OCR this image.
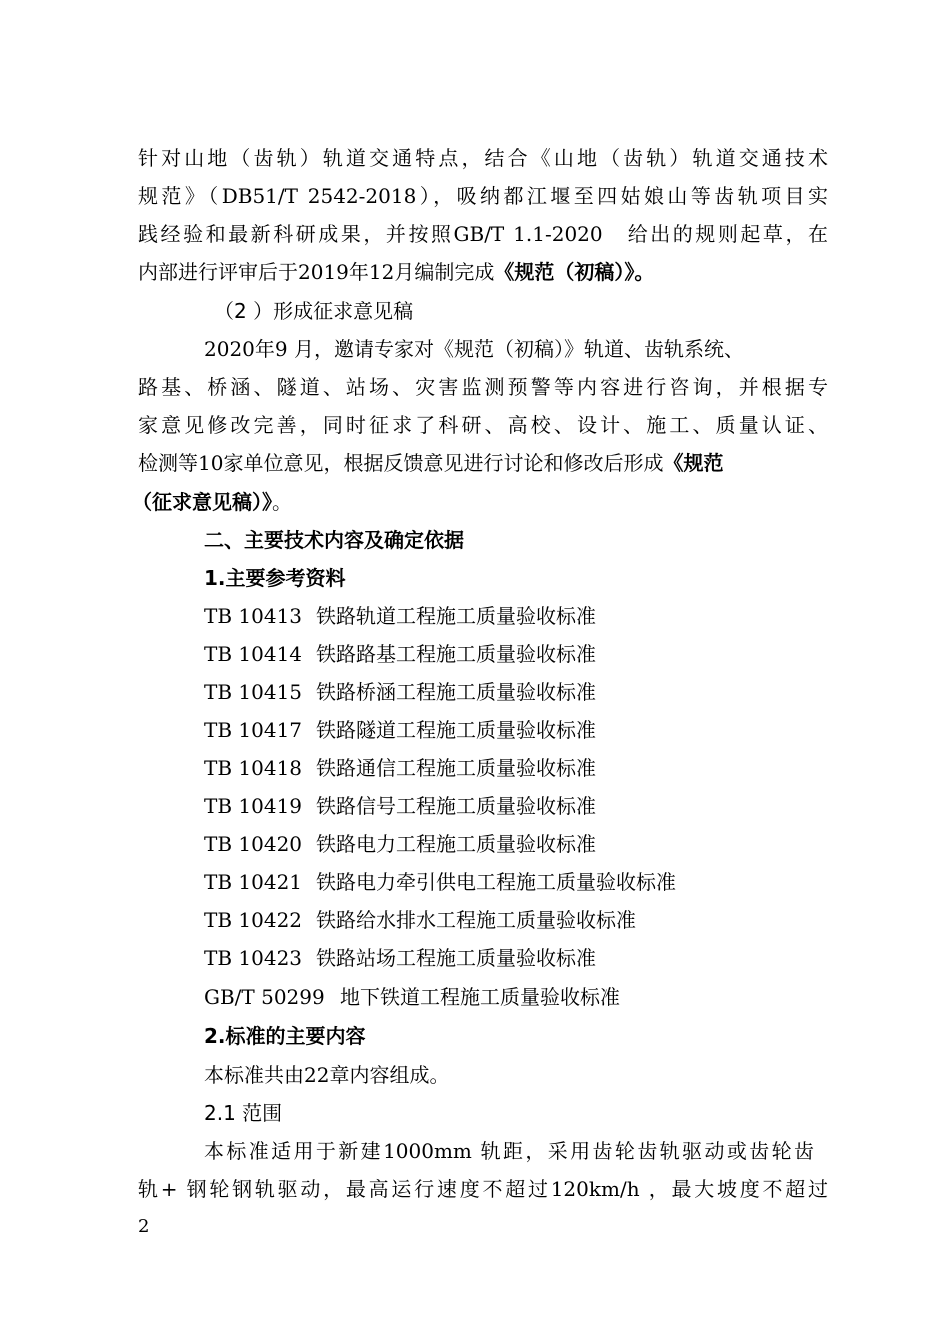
针对山地（齿轨）轨道交通特点，结合《山地（齿轨）轨道交通技术
规范》（DB51/T 2542-2018），吸纳都江堰至四姑娘山等齿轨项目实
践经验和最新科研成果，并按照GB/T 1.1-2020　给出的规则起草，在
内部进行评审后于2019年12月编制完成《规范（初稿）》。
（2 ）形成征求意见稿
2020年9 月，邀请专家对《规范（初稿）》轨道、齿轨系统、
路基、桥涵、隧道、站场、灾害监测预警等内容进行咨询，并根据专
家意见修改完善，同时征求了科研、高校、设计、施工、质量认证、
检测等10家单位意见，根据反馈意见进行讨论和修改后形成《规范
（征求意见稿）》。
二、主要技术内容及确定依据
1.主要参考资料
TB 10413 铁路轨道工程施工质量验收标准
TB 10414 铁路路基工程施工质量验收标准
TB 10415 铁路桥涵工程施工质量验收标准
TB 10417 铁路隧道工程施工质量验收标准
TB 10418 铁路通信工程施工质量验收标准
TB 10419 铁路信号工程施工质量验收标准
TB 10420 铁路电力工程施工质量验收标准
TB 10421 铁路电力牵引供电工程施工质量验收标准
TB 10422 铁路给水排水工程施工质量验收标准
TB 10423 铁路站场工程施工质量验收标准
GB/T 50299 地下铁道工程施工质量验收标准
2.标准的主要内容
本标准共由22章内容组成。
2.1 范围
本标准适用于新建1000mm 轨距，采用齿轮齿轨驱动或齿轮齿
轨+ 钢轮钢轨驱动，最高运行速度不超过120km/h ，最大坡度不超过
2
